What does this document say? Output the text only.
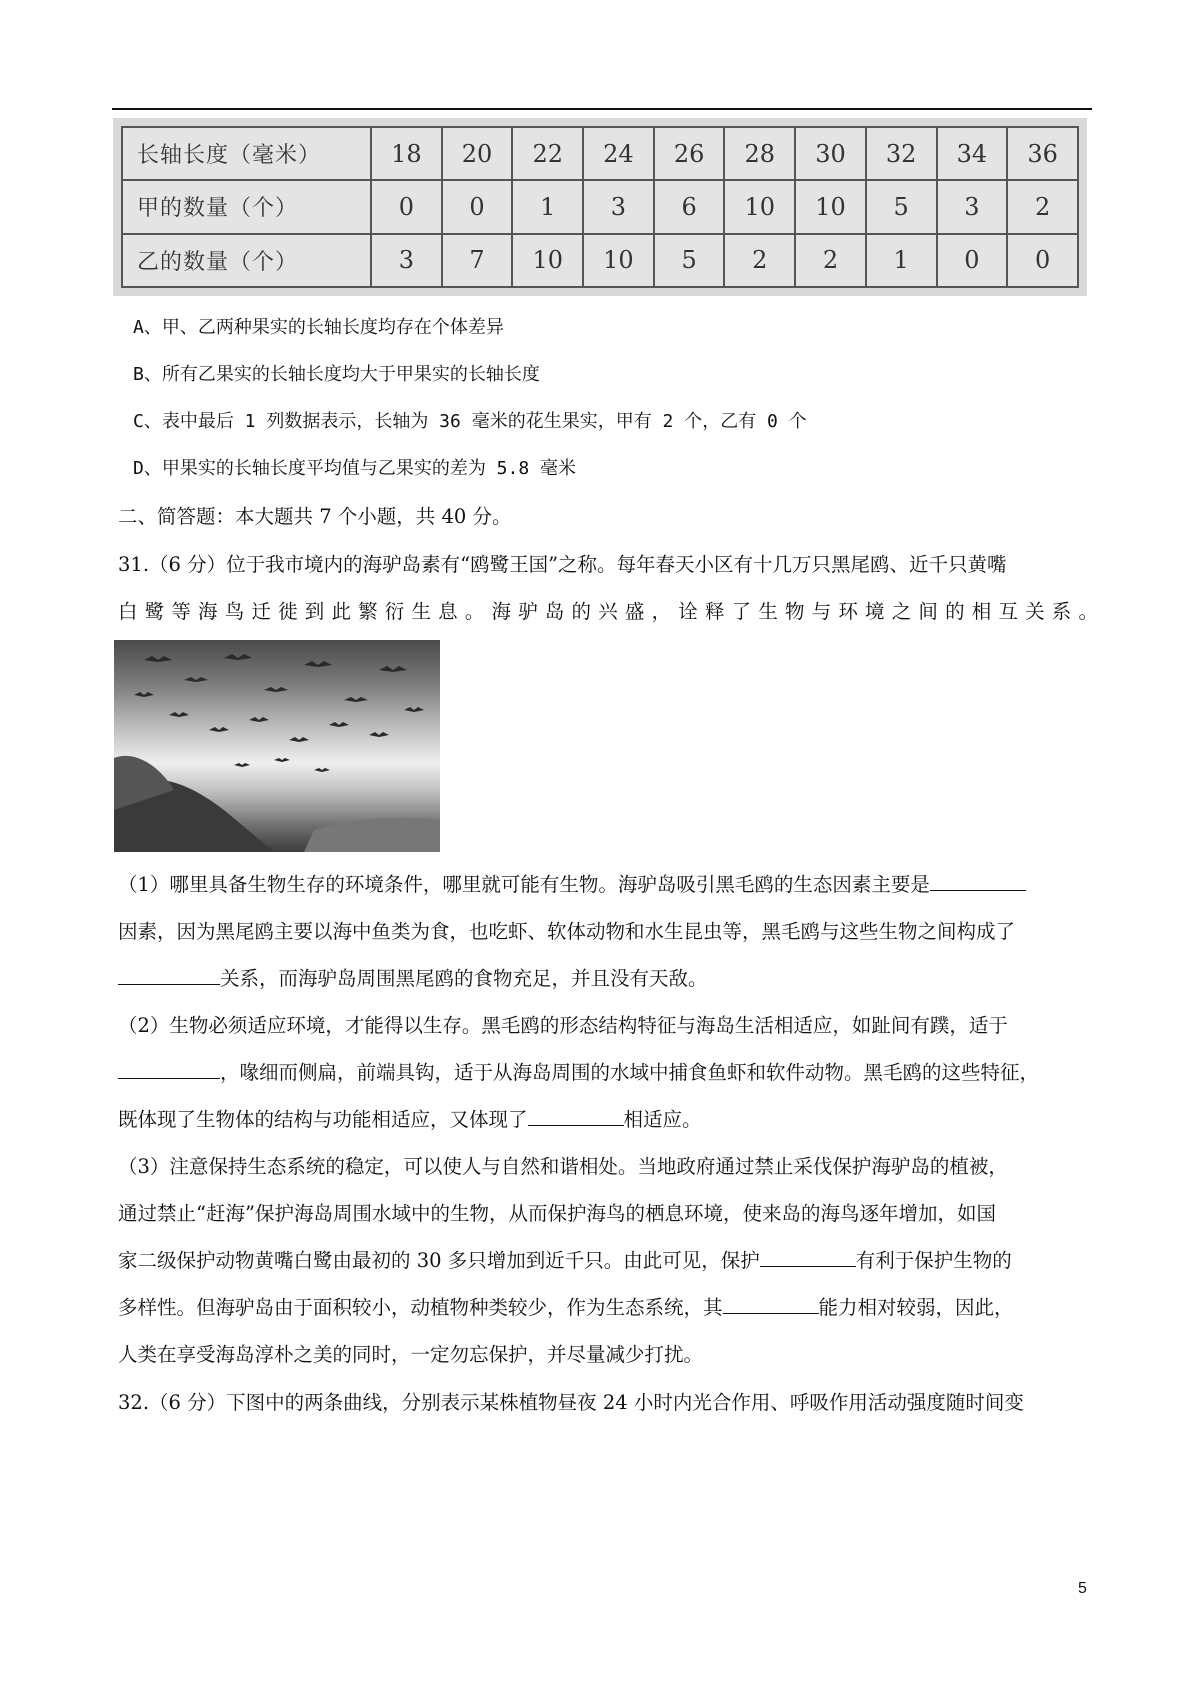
长轴长度（毫米）	18	20	22	24	26	28	30	32	34	36
甲的数量（个）	0	0	1	3	6	10	10	5	3	2
乙的数量（个）	3	7	10	10	5	2	2	1	0	0
A、甲、乙两种果实的长轴长度均存在个体差异
B、所有乙果实的长轴长度均大于甲果实的长轴长度
C、表中最后 1 列数据表示，长轴为 36 毫米的花生果实，甲有 2 个，乙有 0 个
D、甲果实的长轴长度平均值与乙果实的差为 5.8 毫米
二、简答题：本大题共 7 个小题，共 40 分。
31.（6 分）位于我市境内的海驴岛素有“鸥鹭王国”之称。每年春天小区有十几万只黑尾鸥、近千只黄嘴
白鹭等海鸟迁徙到此繁衍生息。海驴岛的兴盛，诠释了生物与环境之间的相互关系。
（1）哪里具备生物生存的环境条件，哪里就可能有生物。海驴岛吸引黑毛鸥的生态因素主要是
因素，因为黑尾鸥主要以海中鱼类为食，也吃虾、软体动物和水生昆虫等，黑毛鸥与这些生物之间构成了
关系，而海驴岛周围黑尾鸥的食物充足，并且没有天敌。
（2）生物必须适应环境，才能得以生存。黑毛鸥的形态结构特征与海岛生活相适应，如趾间有蹼，适于
，喙细而侧扁，前端具钩，适于从海岛周围的水域中捕食鱼虾和软件动物。黑毛鸥的这些特征，
既体现了生物体的结构与功能相适应，又体现了	相适应。
（3）注意保持生态系统的稳定，可以使人与自然和谐相处。当地政府通过禁止采伐保护海驴岛的植被，
通过禁止“赶海”保护海岛周围水域中的生物，从而保护海鸟的栖息环境，使来岛的海鸟逐年增加，如国
家二级保护动物黄嘴白鹭由最初的 30 多只增加到近千只。由此可见，保护	有利于保护生物的
多样性。但海驴岛由于面积较小，动植物种类较少，作为生态系统，其	能力相对较弱，因此，
人类在享受海岛淳朴之美的同时，一定勿忘保护，并尽量减少打扰。
32.（6 分）下图中的两条曲线，分别表示某株植物昼夜 24 小时内光合作用、呼吸作用活动强度随时间变
5
